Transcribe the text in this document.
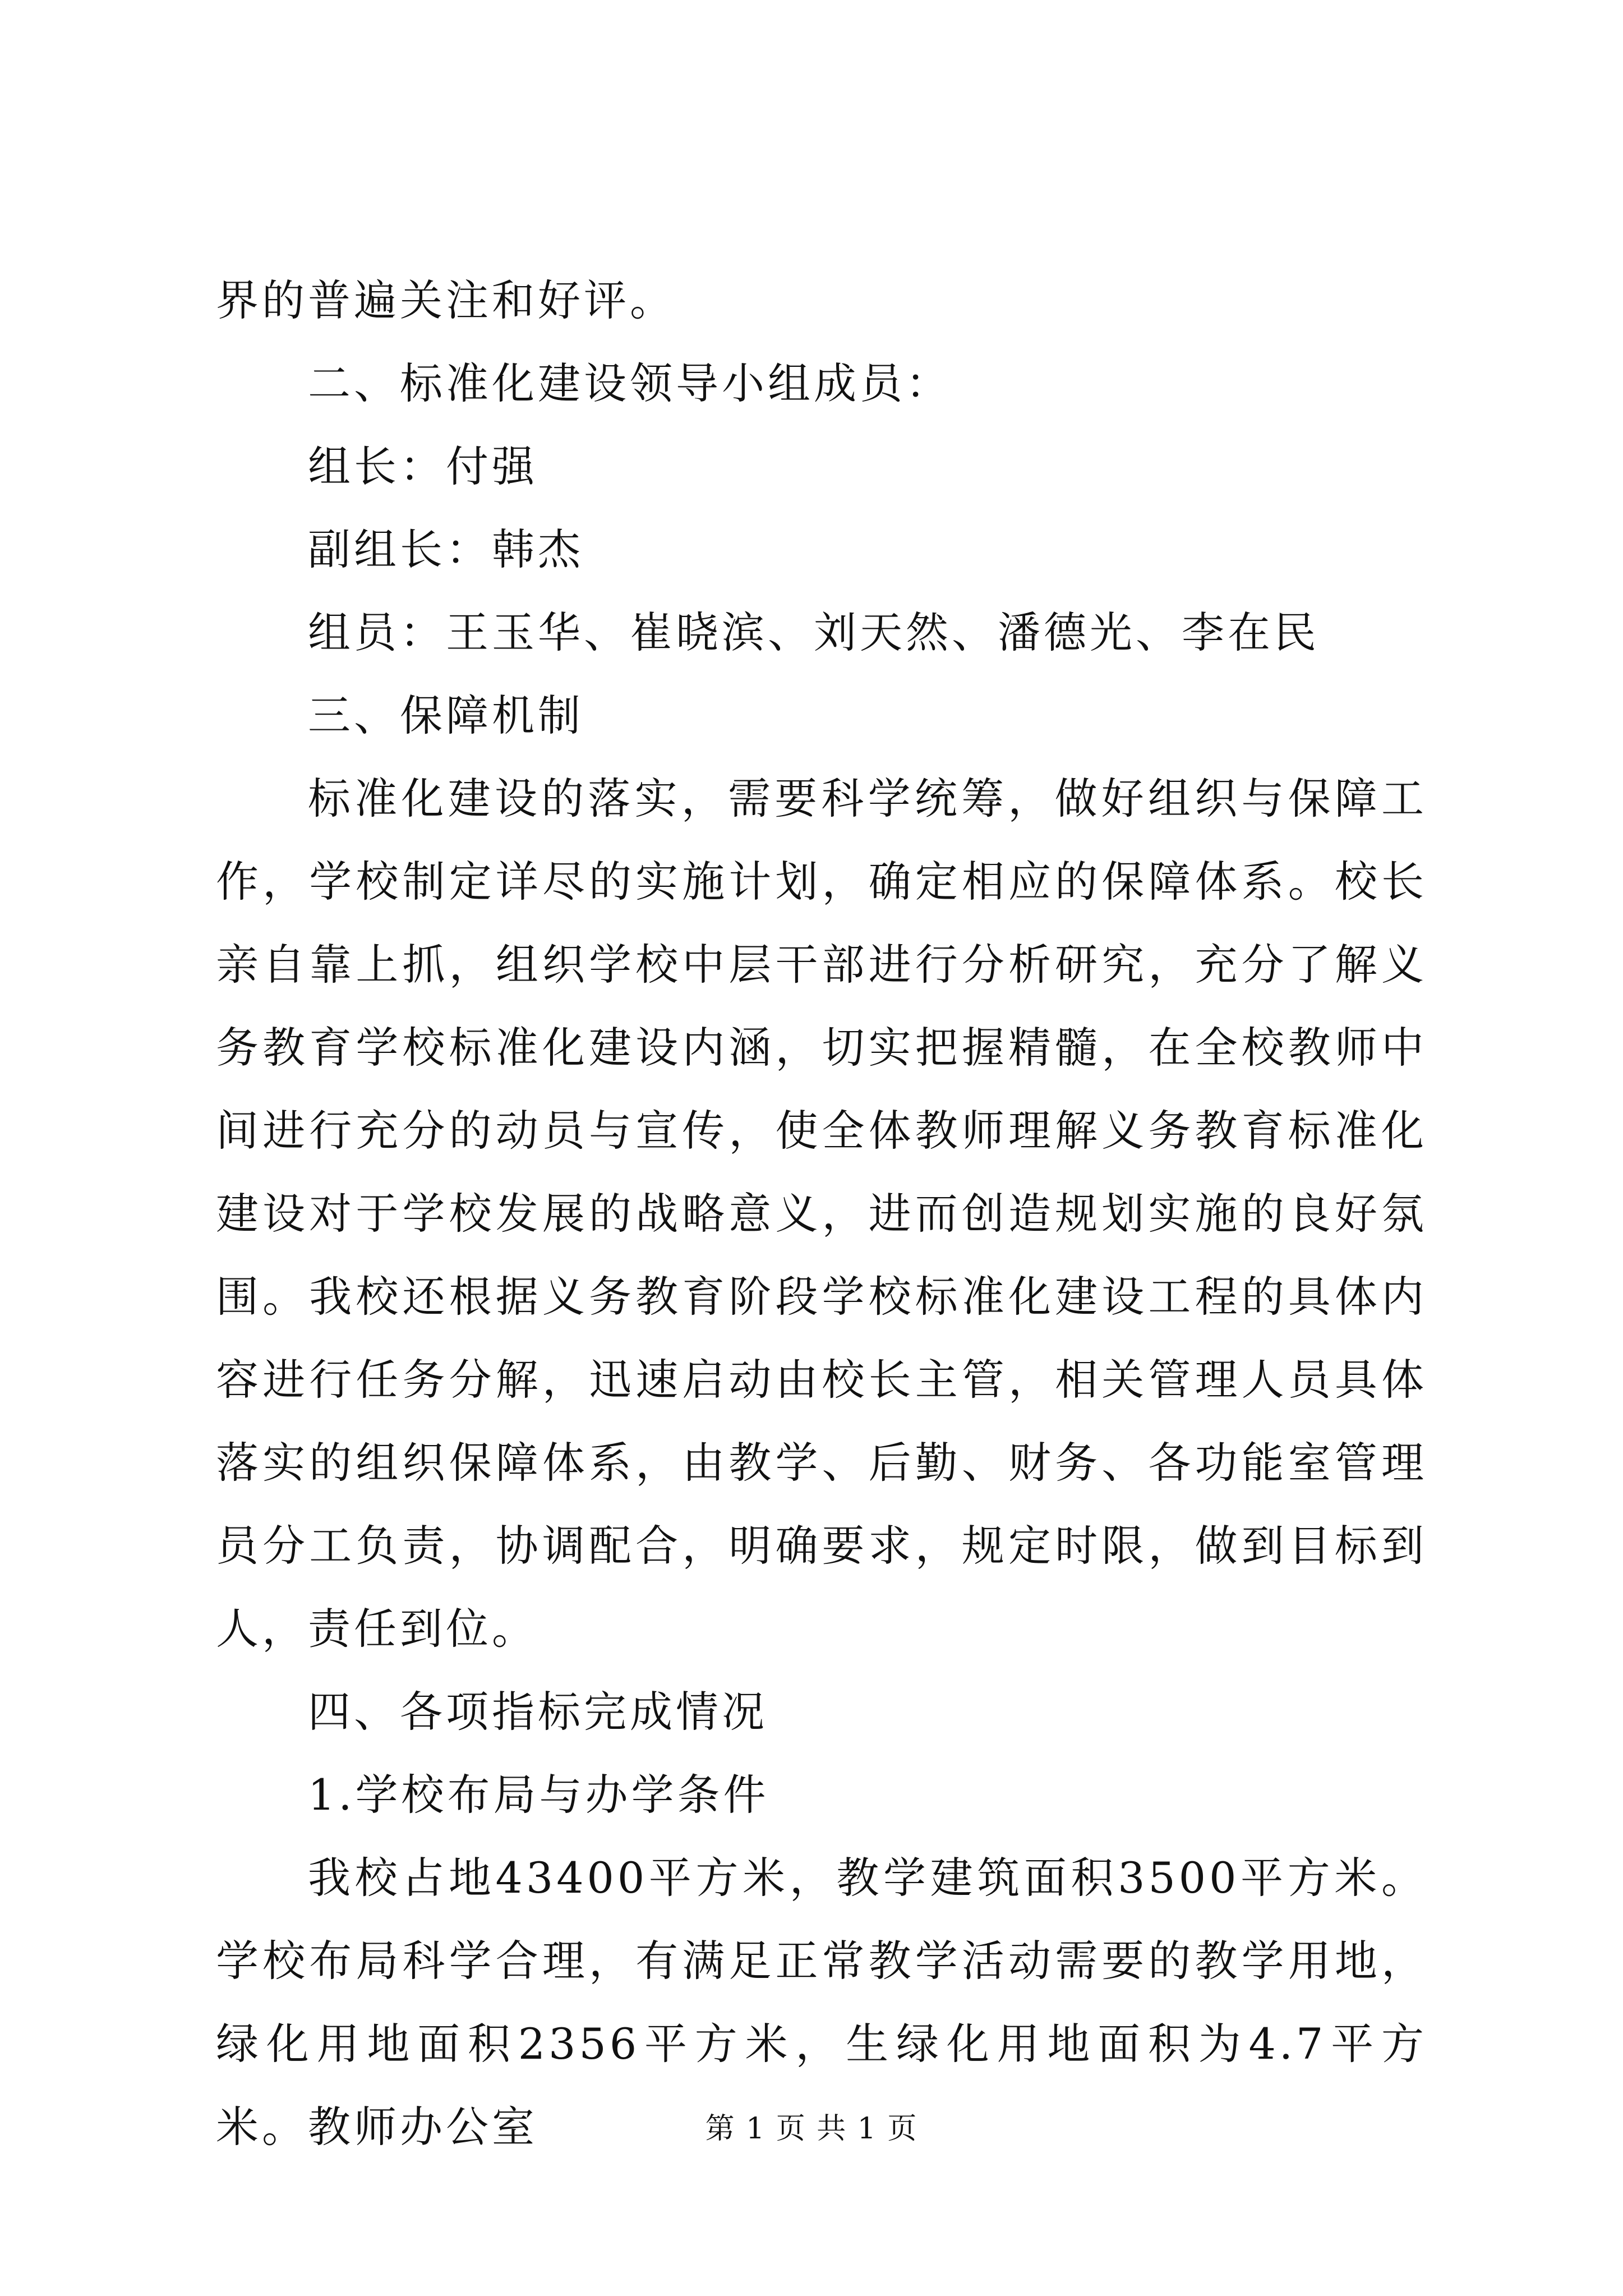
界的普遍关注和好评。

二、标准化建设领导小组成员：

组长：付强

副组长：韩杰

组员：王玉华、崔晓滨、刘天然、潘德光、李在民

三、保障机制

标准化建设的落实，需要科学统筹，做好组织与保障工作，学校制定详尽的实施计划，确定相应的保障体系。校长亲自靠上抓，组织学校中层干部进行分析研究，充分了解义务教育学校标准化建设内涵，切实把握精髓，在全校教师中间进行充分的动员与宣传，使全体教师理解义务教育标准化建设对于学校发展的战略意义，进而创造规划实施的良好氛围。我校还根据义务教育阶段学校标准化建设工程的具体内容进行任务分解，迅速启动由校长主管，相关管理人员具体落实的组织保障体系，由教学、后勤、财务、各功能室管理员分工负责，协调配合，明确要求，规定时限，做到目标到人，责任到位。

四、各项指标完成情况

1.学校布局与办学条件

我校占地43400平方米，教学建筑面积3500平方米。学校布局科学合理，有满足正常教学活动需要的教学用地，绿化用地面积2356平方米，生绿化用地面积为4.7平方米。教师办公室	第 1 页 共 1 页
